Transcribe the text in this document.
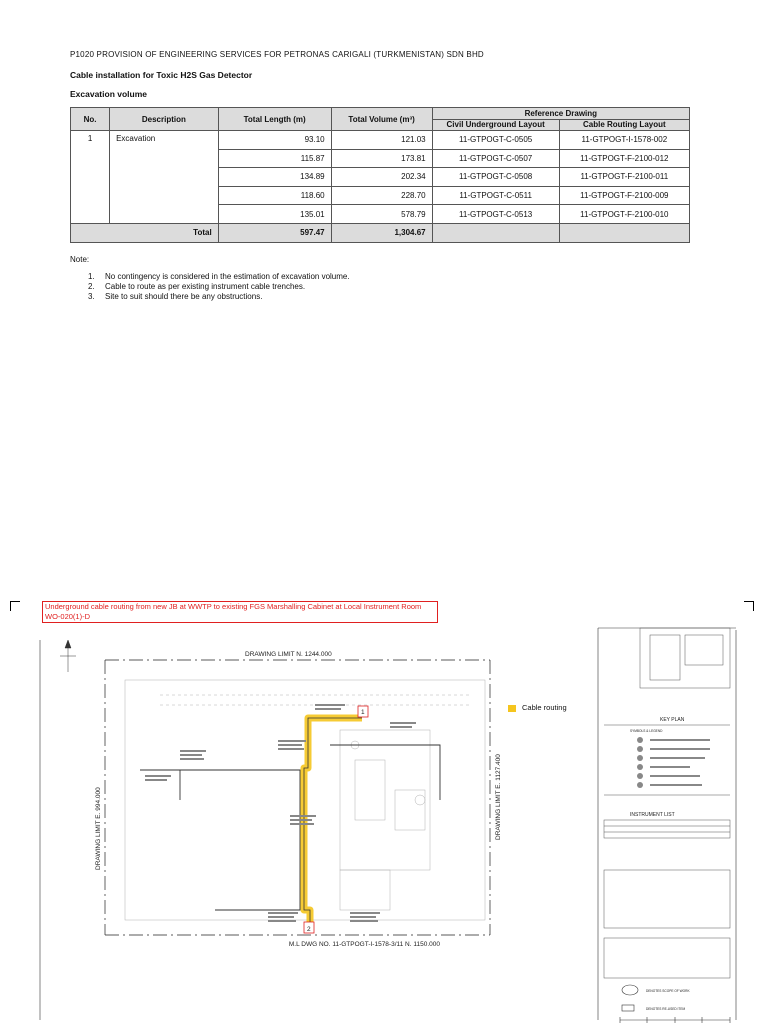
P1020 PROVISION OF ENGINEERING SERVICES FOR PETRONAS CARIGALI (TURKMENISTAN) SDN BHD
Cable installation for Toxic H2S Gas Detector
Excavation volume
No.	Description	Total Length (m)	Total Volume (m³)	Reference Drawing	
				Civil Underground Layout	Cable Routing Layout
1	Excavation	93.10	121.03	11-GTPOGT-C-0505	11-GTPOGT-I-1578-002
		115.87	173.81	11-GTPOGT-C-0507	11-GTPOGT-F-2100-012
		134.89	202.34	11-GTPOGT-C-0508	11-GTPOGT-F-2100-011
		118.60	228.70	11-GTPOGT-C-0511	11-GTPOGT-F-2100-009
		135.01	578.79	11-GTPOGT-C-0513	11-GTPOGT-F-2100-010
Total		597.47	1,304.67		
Note:
1. No contingency is considered in the estimation of excavation volume.
2. Cable to route as per existing instrument cable trenches.
3. Site to suit should there be any obstructions.
DRAWING LIMIT N. 1244.000
M.L DWG NO. 11-GTPOGT-I-1578-3/11 N. 1150.000
DRAWING LIMIT E. 994.000	DRAWING LIMIT E. 1127.400
1
2
KEY PLAN
SYMBOLS & LEGEND
INSTRUMENT LIST
DENOTES SCOPE OF WORK
DENOTES RE-USED ITEM
Underground cable routing from new JB at WWTP to existing FGS Marshalling Cabinet at Local Instrument Room
WO-020(1)-D
Cable routing
